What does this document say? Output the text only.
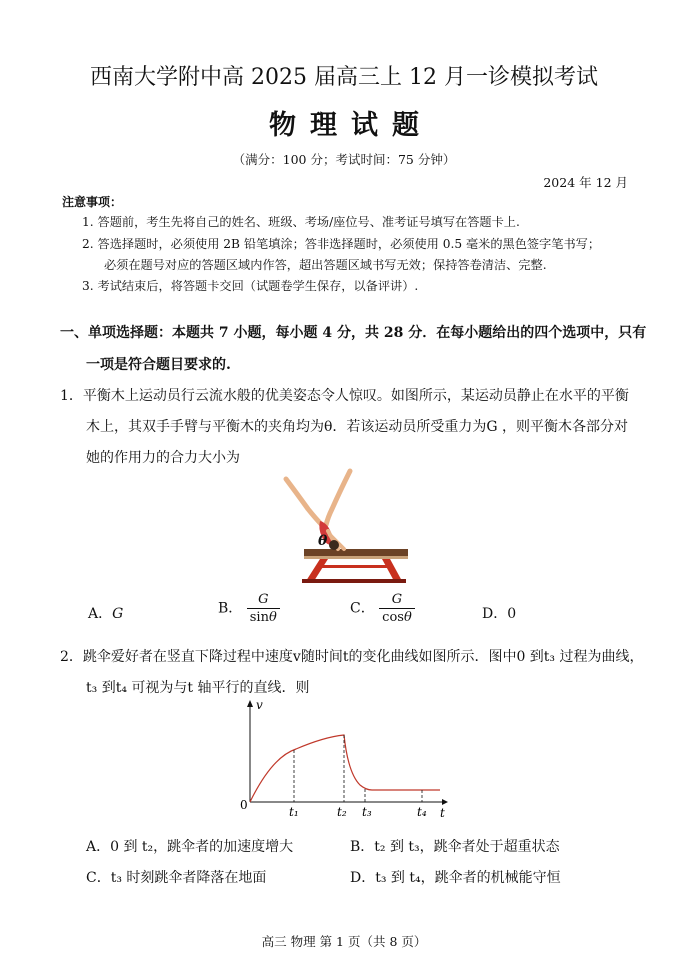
西南大学附中高 2025 届高三上 12 月一诊模拟考试
物理试题
（满分：100 分；考试时间：75 分钟）
2024 年 12 月
注意事项：
1. 答题前，考生先将自己的姓名、班级、考场/座位号、准考证号填写在答题卡上.
2. 答选择题时，必须使用 2B 铅笔填涂；答非选择题时，必须使用 0.5 毫米的黑色签字笔书写；
必须在题号对应的答题区域内作答，超出答题区域书写无效；保持答卷清洁、完整.
3. 考试结束后，将答题卡交回（试题卷学生保存，以备评讲）.
一、单项选择题：本题共 7 小题，每小题 4 分，共 28 分．在每小题给出的四个选项中，只有
一项是符合题目要求的.
1．平衡木上运动员行云流水般的优美姿态令人惊叹。如图所示，某运动员静止在水平的平衡
木上，其双手手臂与平衡木的夹角均为θ．若该运动员所受重力为G ，则平衡木各部分对
她的作用力的合力大小为
θ
A．G	B． $\frac{G}{\sin\theta}$	C． $\frac{G}{\cos\theta}$	D．0
2．跳伞爱好者在竖直下降过程中速度v随时间t的变化曲线如图所示．图中0 到t₃ 过程为曲线，
t₃ 到t₄ 可视为与t 轴平行的直线．则
v
t
0	t₁	t₂ t₃	t₄
A．0 到 t₂，跳伞者的加速度增大	B．t₂ 到 t₃，跳伞者处于超重状态
C．t₃ 时刻跳伞者降落在地面	D．t₃ 到 t₄，跳伞者的机械能守恒
高三 物理 第 1 页（共 8 页）
